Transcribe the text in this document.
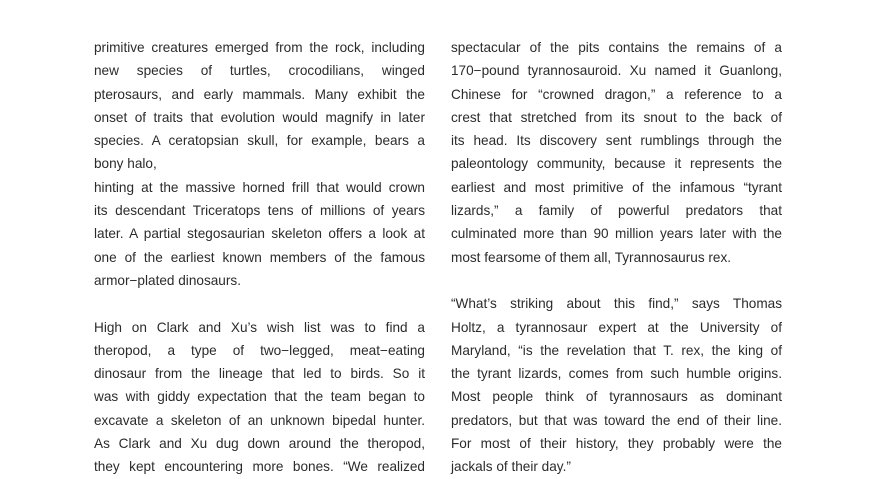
primitive creatures emerged from the rock, including
new species of turtles, crocodilians, winged
pterosaurs, and early mammals. Many exhibit the
onset of traits that evolution would magnify in later
species. A ceratopsian skull, for example, bears a
bony halo,
hinting at the massive horned frill that would crown
its descendant Triceratops tens of millions of years
later. A partial stegosaurian skeleton offers a look at
one of the earliest known members of the famous
armor−plated dinosaurs.
High on Clark and Xu’s wish list was to find a
theropod, a type of two−legged, meat−eating
dinosaur from the lineage that led to birds. So it
was with giddy expectation that the team began to
excavate a skeleton of an unknown bipedal hunter.
As Clark and Xu dug down around the theropod,
they kept encountering more bones. “We realized
spectacular of the pits contains the remains of a
170−pound tyrannosauroid. Xu named it Guanlong,
Chinese for “crowned dragon,” a reference to a
crest that stretched from its snout to the back of
its head. Its discovery sent rumblings through the
paleontology community, because it represents the
earliest and most primitive of the infamous “tyrant
lizards,” a family of powerful predators that
culminated more than 90 million years later with the
most fearsome of them all, Tyrannosaurus rex.
“What’s striking about this find,” says Thomas
Holtz, a tyrannosaur expert at the University of
Maryland, “is the revelation that T. rex, the king of
the tyrant lizards, comes from such humble origins.
Most people think of tyrannosaurs as dominant
predators, but that was toward the end of their line.
For most of their history, they probably were the
jackals of their day.”
